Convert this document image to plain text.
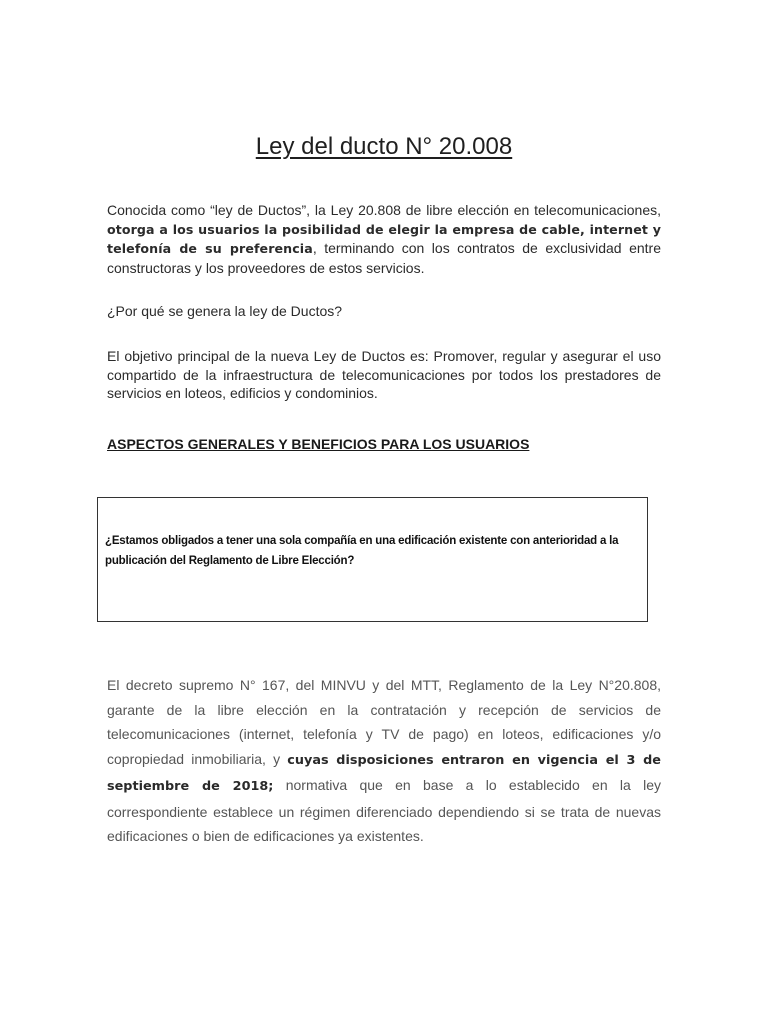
Ley del ducto N° 20.008

Conocida como “ley de Ductos”, la Ley 20.808 de libre elección en telecomunicaciones, otorga a los usuarios la posibilidad de elegir la empresa de cable, internet y telefonía de su preferencia, terminando con los contratos de exclusividad entre constructoras y los proveedores de estos servicios.

¿Por qué se genera la ley de Ductos?

El objetivo principal de la nueva Ley de Ductos es: Promover, regular y asegurar el uso compartido de la infraestructura de telecomunicaciones por todos los prestadores de servicios en loteos, edificios y condominios.

ASPECTOS GENERALES Y BENEFICIOS PARA LOS USUARIOS

¿Estamos obligados a tener una sola compañía en una edificación existente con anterioridad a la publicación del Reglamento de Libre Elección?

El decreto supremo N° 167, del MINVU y del MTT, Reglamento de la Ley N°20.808, garante de la libre elección en la contratación y recepción de servicios de telecomunicaciones (internet, telefonía y TV de pago) en loteos, edificaciones y/o copropiedad inmobiliaria, y cuyas disposiciones entraron en vigencia el 3 de septiembre de 2018; normativa que en base a lo establecido en la ley correspondiente establece un régimen diferenciado dependiendo si se trata de nuevas edificaciones o bien de edificaciones ya existentes.
